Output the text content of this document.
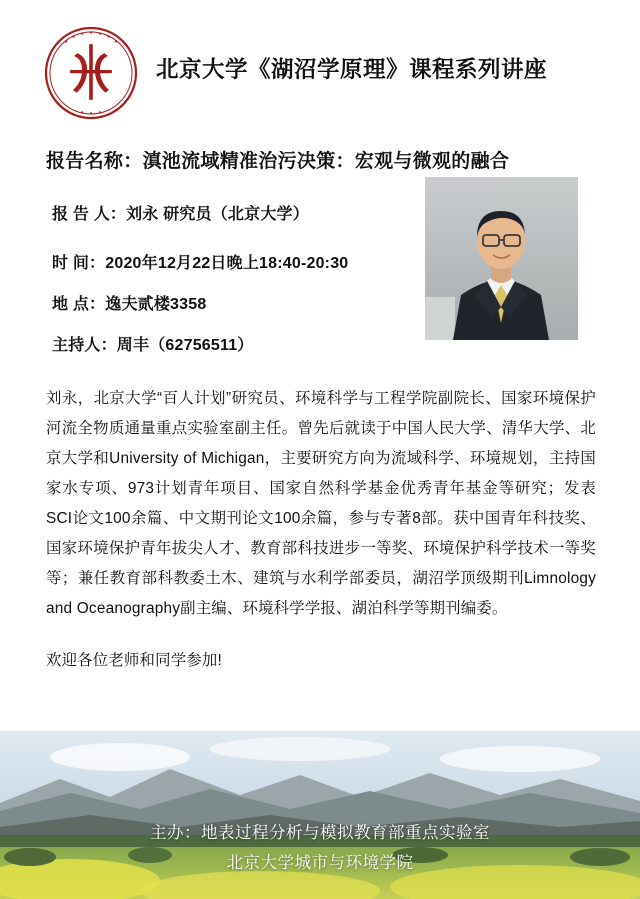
北京大学《湖沼学原理》课程系列讲座
报告名称：滇池流域精准治污决策：宏观与微观的融合
报 告 人：刘永 研究员（北京大学）
时 间：2020年12月22日晚上18:40-20:30
地 点：逸夫贰楼3358
主持人：周丰（62756511）
刘永，北京大学“百人计划”研究员、环境科学与工程学院副院长、国家环境保护河流全物质通量重点实验室副主任。曾先后就读于中国人民大学、清华大学、北京大学和University of Michigan，主要研究方向为流域科学、环境规划，主持国家水专项、973计划青年项目、国家自然科学基金优秀青年基金等研究；发表SCI论文100余篇、中文期刊论文100余篇，参与专著8部。获中国青年科技奖、国家环境保护青年拔尖人才、教育部科技进步一等奖、环境保护科学技术一等奖等；兼任教育部科教委土木、建筑与水利学部委员，湖沼学顶级期刊Limnology and Oceanography副主编、环境科学学报、湖泊科学等期刊编委。
欢迎各位老师和同学参加!
主办：地表过程分析与模拟教育部重点实验室
北京大学城市与环境学院
